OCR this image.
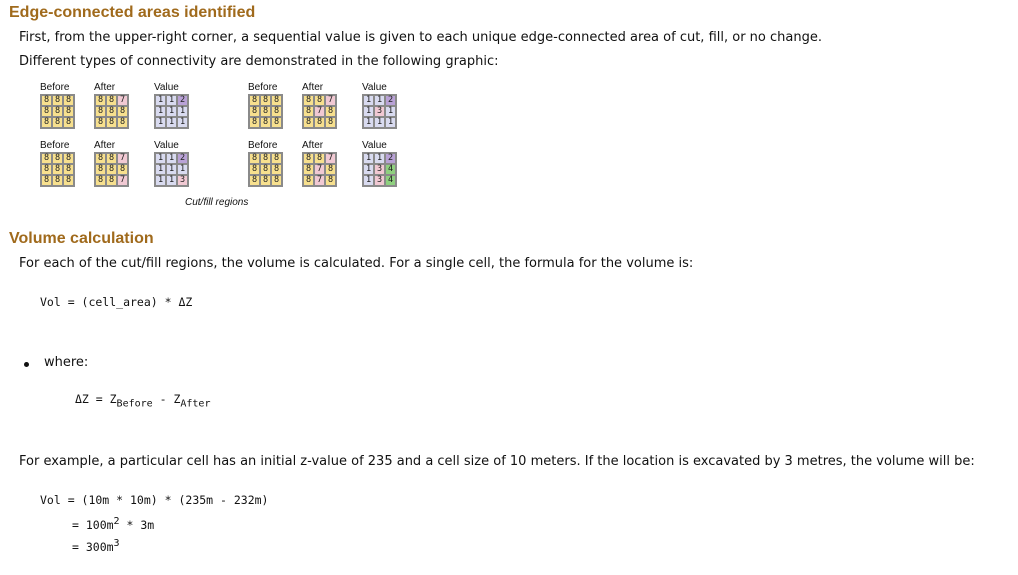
Edge-connected areas identified

First, from the upper-right corner, a sequential value is given to each unique edge-connected area of cut, fill, or no change.

Different types of connectivity are demonstrated in the following graphic:

Cut/fill regions
Before
8 8 8
8 8 8
8 8 8
After
8 8 7
8 8 8
8 8 8
Value
1 1 2
1 1 1
1 1 1
Before
8 8 8
8 8 8
8 8 8
After
8 8 7
8 7 8
8 8 8
Value
1 1 2
1 3 1
1 1 1
Before
8 8 8
8 8 8
8 8 8
After
8 8 7
8 8 8
8 8 7
Value
1 1 2
1 1 1
1 1 3
Before
8 8 8
8 8 8
8 8 8
After
8 8 7
8 7 8
8 7 8
Value
1 1 2
1 3 4
1 3 4
Volume calculation

For each of the cut/fill regions, the volume is calculated. For a single cell, the formula for the volume is:

Vol = (cell_area) * ΔZ

where:

$\Delta Z = Z_{Before} - Z_{After}$

For example, a particular cell has an initial z-value of 235 and a cell size of 10 meters. If the location is excavated by 3 metres, the volume will be:

Vol = (10m * 10m) * (235m - 232m)
= $100m^2 * 3m$
= $300m^3$
